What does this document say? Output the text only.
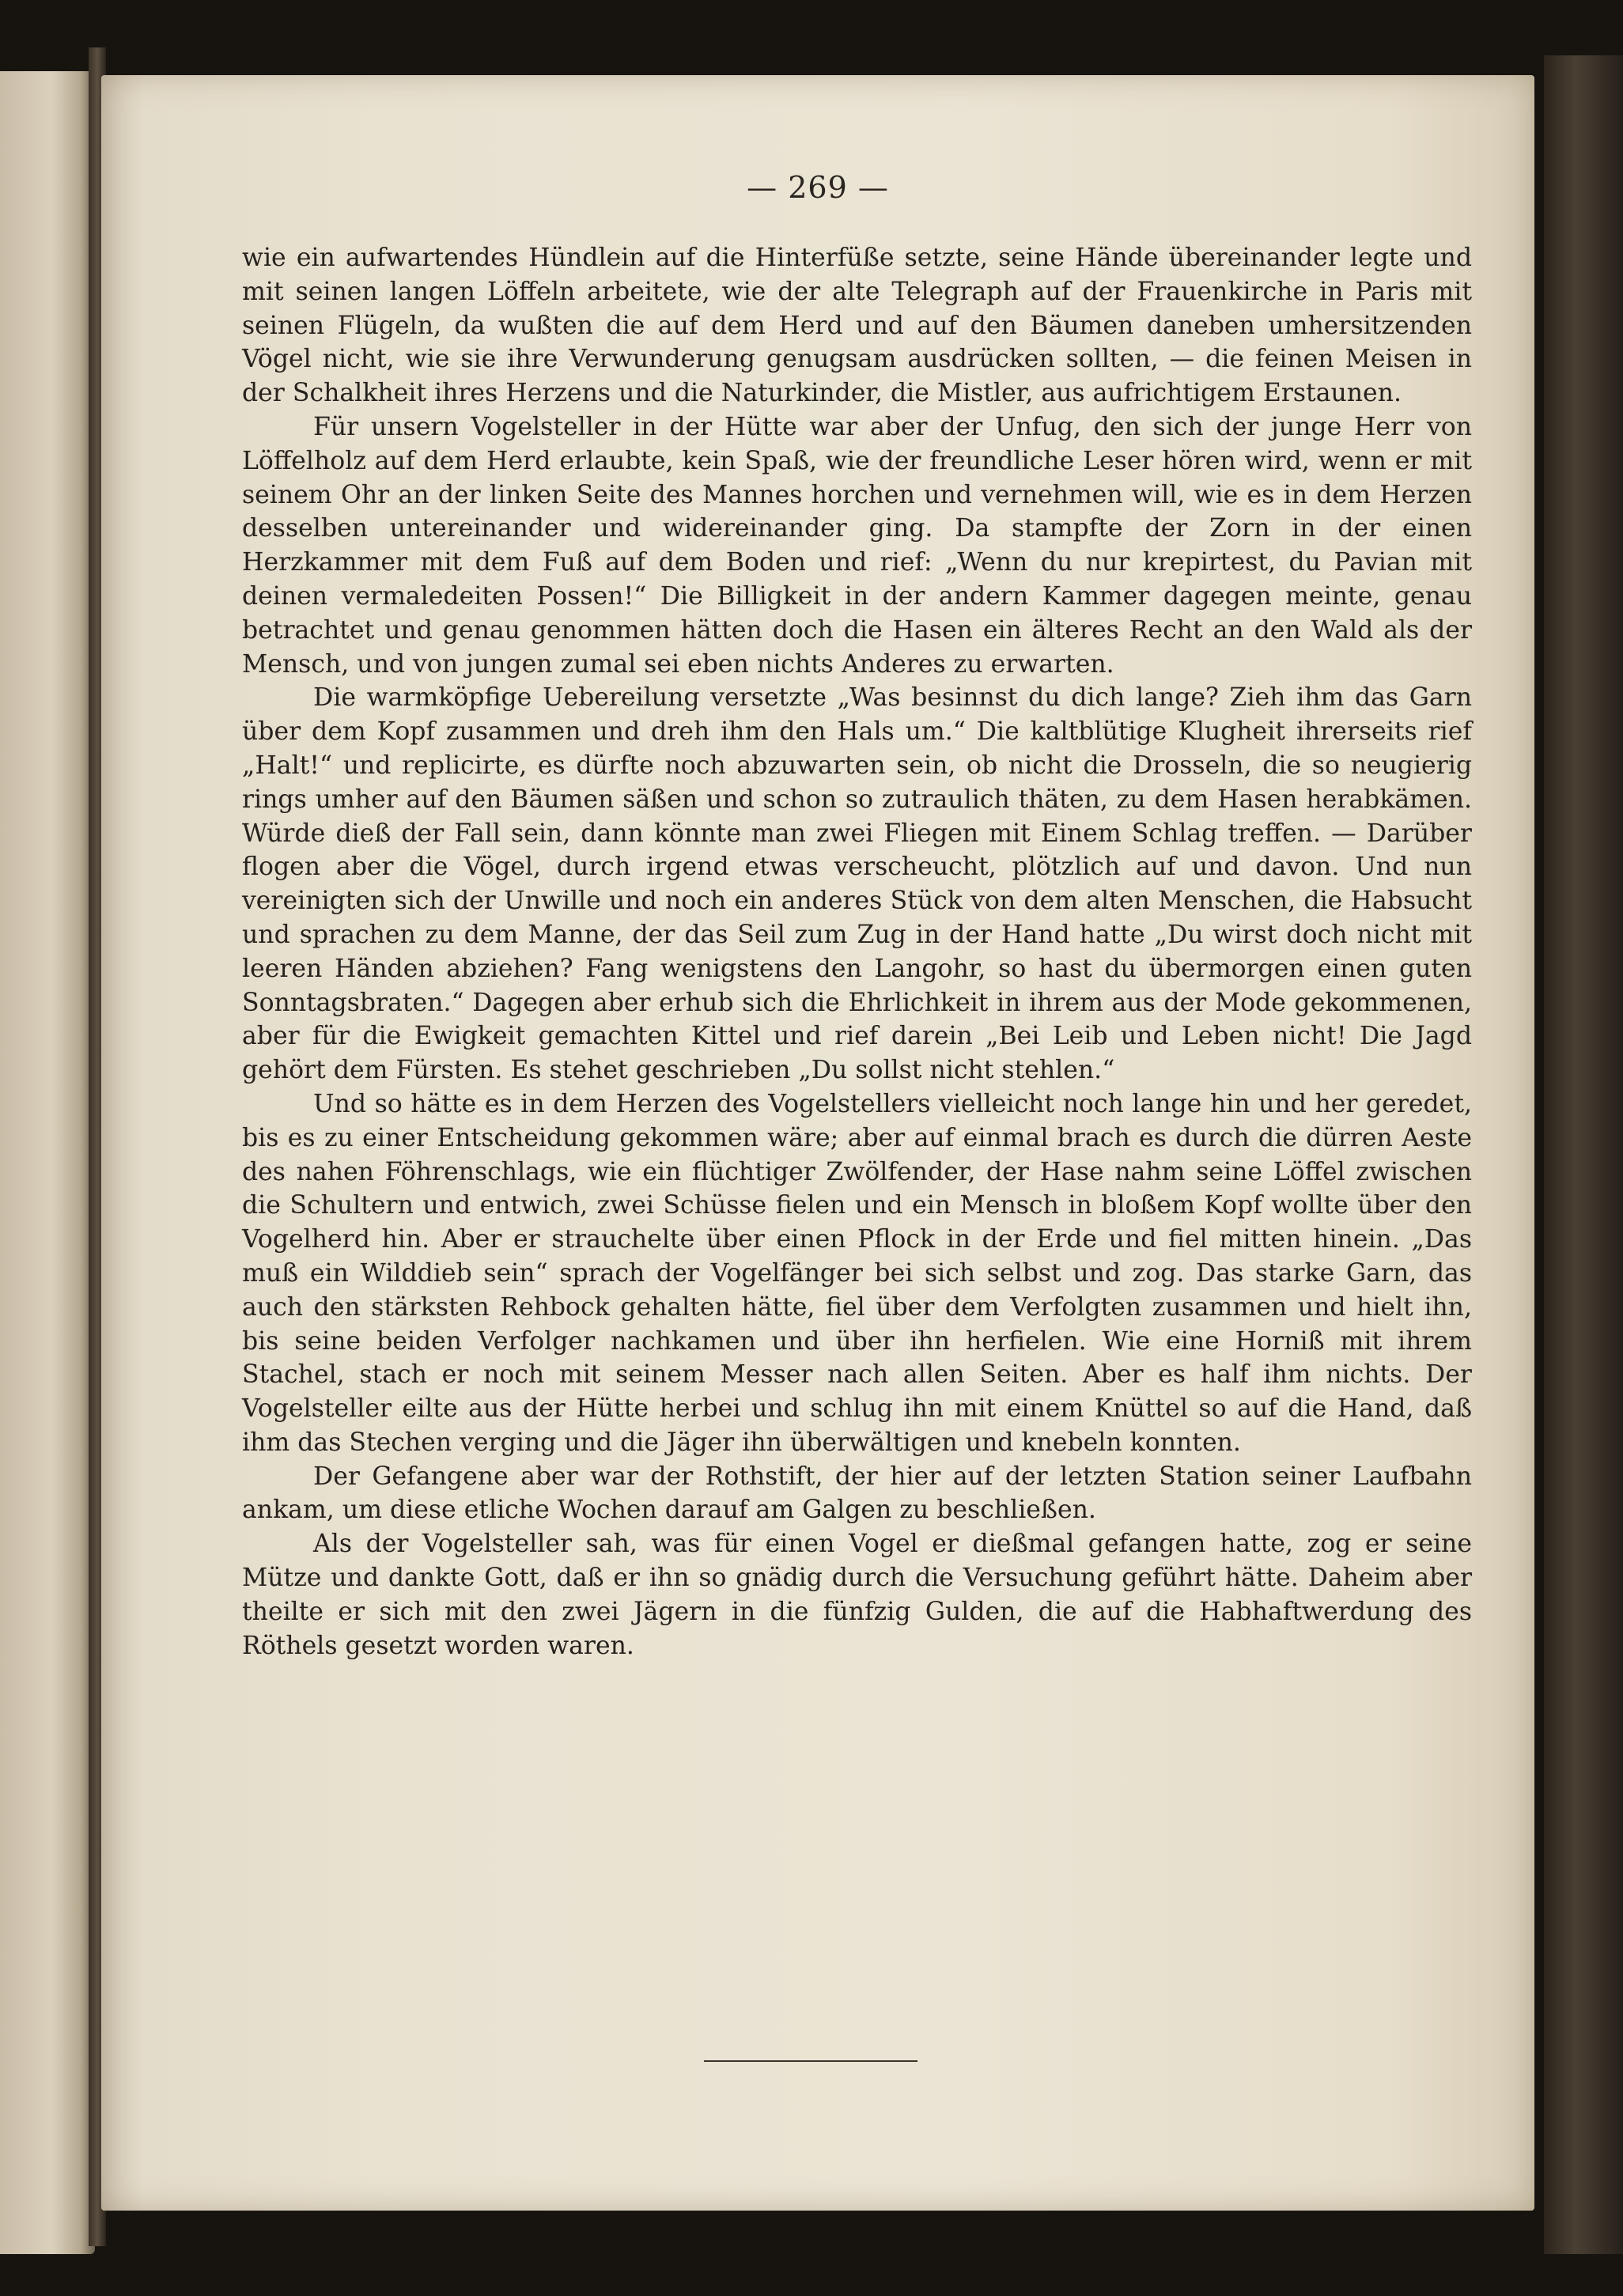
— 269 —

wie ein aufwartendes Hündlein auf die Hinterfüße setzte, seine Hände übereinander legte und mit seinen langen Löffeln arbeitete, wie der alte Telegraph auf der Frauenkirche in Paris mit seinen Flügeln, da wußten die auf dem Herd und auf den Bäumen daneben umhersitzenden Vögel nicht, wie sie ihre Verwunderung genugsam ausdrücken sollten, — die feinen Meisen in der Schalkheit ihres Herzens und die Naturkinder, die Mistler, aus aufrichtigem Erstaunen.

Für unsern Vogelsteller in der Hütte war aber der Unfug, den sich der junge Herr von Löffelholz auf dem Herd erlaubte, kein Spaß, wie der freundliche Leser hören wird, wenn er mit seinem Ohr an der linken Seite des Mannes horchen und vernehmen will, wie es in dem Herzen desselben untereinander und widereinander ging. Da stampfte der Zorn in der einen Herzkammer mit dem Fuß auf dem Boden und rief: „Wenn du nur krepirtest, du Pavian mit deinen vermaledeiten Possen!“ Die Billigkeit in der andern Kammer dagegen meinte, genau betrachtet und genau genommen hätten doch die Hasen ein älteres Recht an den Wald als der Mensch, und von jungen zumal sei eben nichts Anderes zu erwarten.

Die warmköpfige Uebereilung versetzte „Was besinnst du dich lange? Zieh ihm das Garn über dem Kopf zusammen und dreh ihm den Hals um.“ Die kaltblütige Klugheit ihrerseits rief „Halt!“ und replicirte, es dürfte noch abzuwarten sein, ob nicht die Drosseln, die so neugierig rings umher auf den Bäumen säßen und schon so zutraulich thäten, zu dem Hasen herabkämen. Würde dieß der Fall sein, dann könnte man zwei Fliegen mit Einem Schlag treffen. — Darüber flogen aber die Vögel, durch irgend etwas verscheucht, plötzlich auf und davon. Und nun vereinigten sich der Unwille und noch ein anderes Stück von dem alten Menschen, die Habsucht und sprachen zu dem Manne, der das Seil zum Zug in der Hand hatte „Du wirst doch nicht mit leeren Händen abziehen? Fang wenigstens den Langohr, so hast du übermorgen einen guten Sonntagsbraten.“ Dagegen aber erhub sich die Ehrlichkeit in ihrem aus der Mode gekommenen, aber für die Ewigkeit gemachten Kittel und rief darein „Bei Leib und Leben nicht! Die Jagd gehört dem Fürsten. Es stehet geschrieben „Du sollst nicht stehlen.“

Und so hätte es in dem Herzen des Vogelstellers vielleicht noch lange hin und her geredet, bis es zu einer Entscheidung gekommen wäre; aber auf einmal brach es durch die dürren Aeste des nahen Föhrenschlags, wie ein flüchtiger Zwölfender, der Hase nahm seine Löffel zwischen die Schultern und entwich, zwei Schüsse fielen und ein Mensch in bloßem Kopf wollte über den Vogelherd hin. Aber er strauchelte über einen Pflock in der Erde und fiel mitten hinein. „Das muß ein Wilddieb sein“ sprach der Vogelfänger bei sich selbst und zog. Das starke Garn, das auch den stärksten Rehbock gehalten hätte, fiel über dem Verfolgten zusammen und hielt ihn, bis seine beiden Verfolger nachkamen und über ihn herfielen. Wie eine Horniß mit ihrem Stachel, stach er noch mit seinem Messer nach allen Seiten. Aber es half ihm nichts. Der Vogelsteller eilte aus der Hütte herbei und schlug ihn mit einem Knüttel so auf die Hand, daß ihm das Stechen verging und die Jäger ihn überwältigen und knebeln konnten.

Der Gefangene aber war der Rothstift, der hier auf der letzten Station seiner Laufbahn ankam, um diese etliche Wochen darauf am Galgen zu beschließen.

Als der Vogelsteller sah, was für einen Vogel er dießmal gefangen hatte, zog er seine Mütze und dankte Gott, daß er ihn so gnädig durch die Versuchung geführt hätte. Daheim aber theilte er sich mit den zwei Jägern in die fünfzig Gulden, die auf die Habhaftwerdung des Röthels gesetzt worden waren.
